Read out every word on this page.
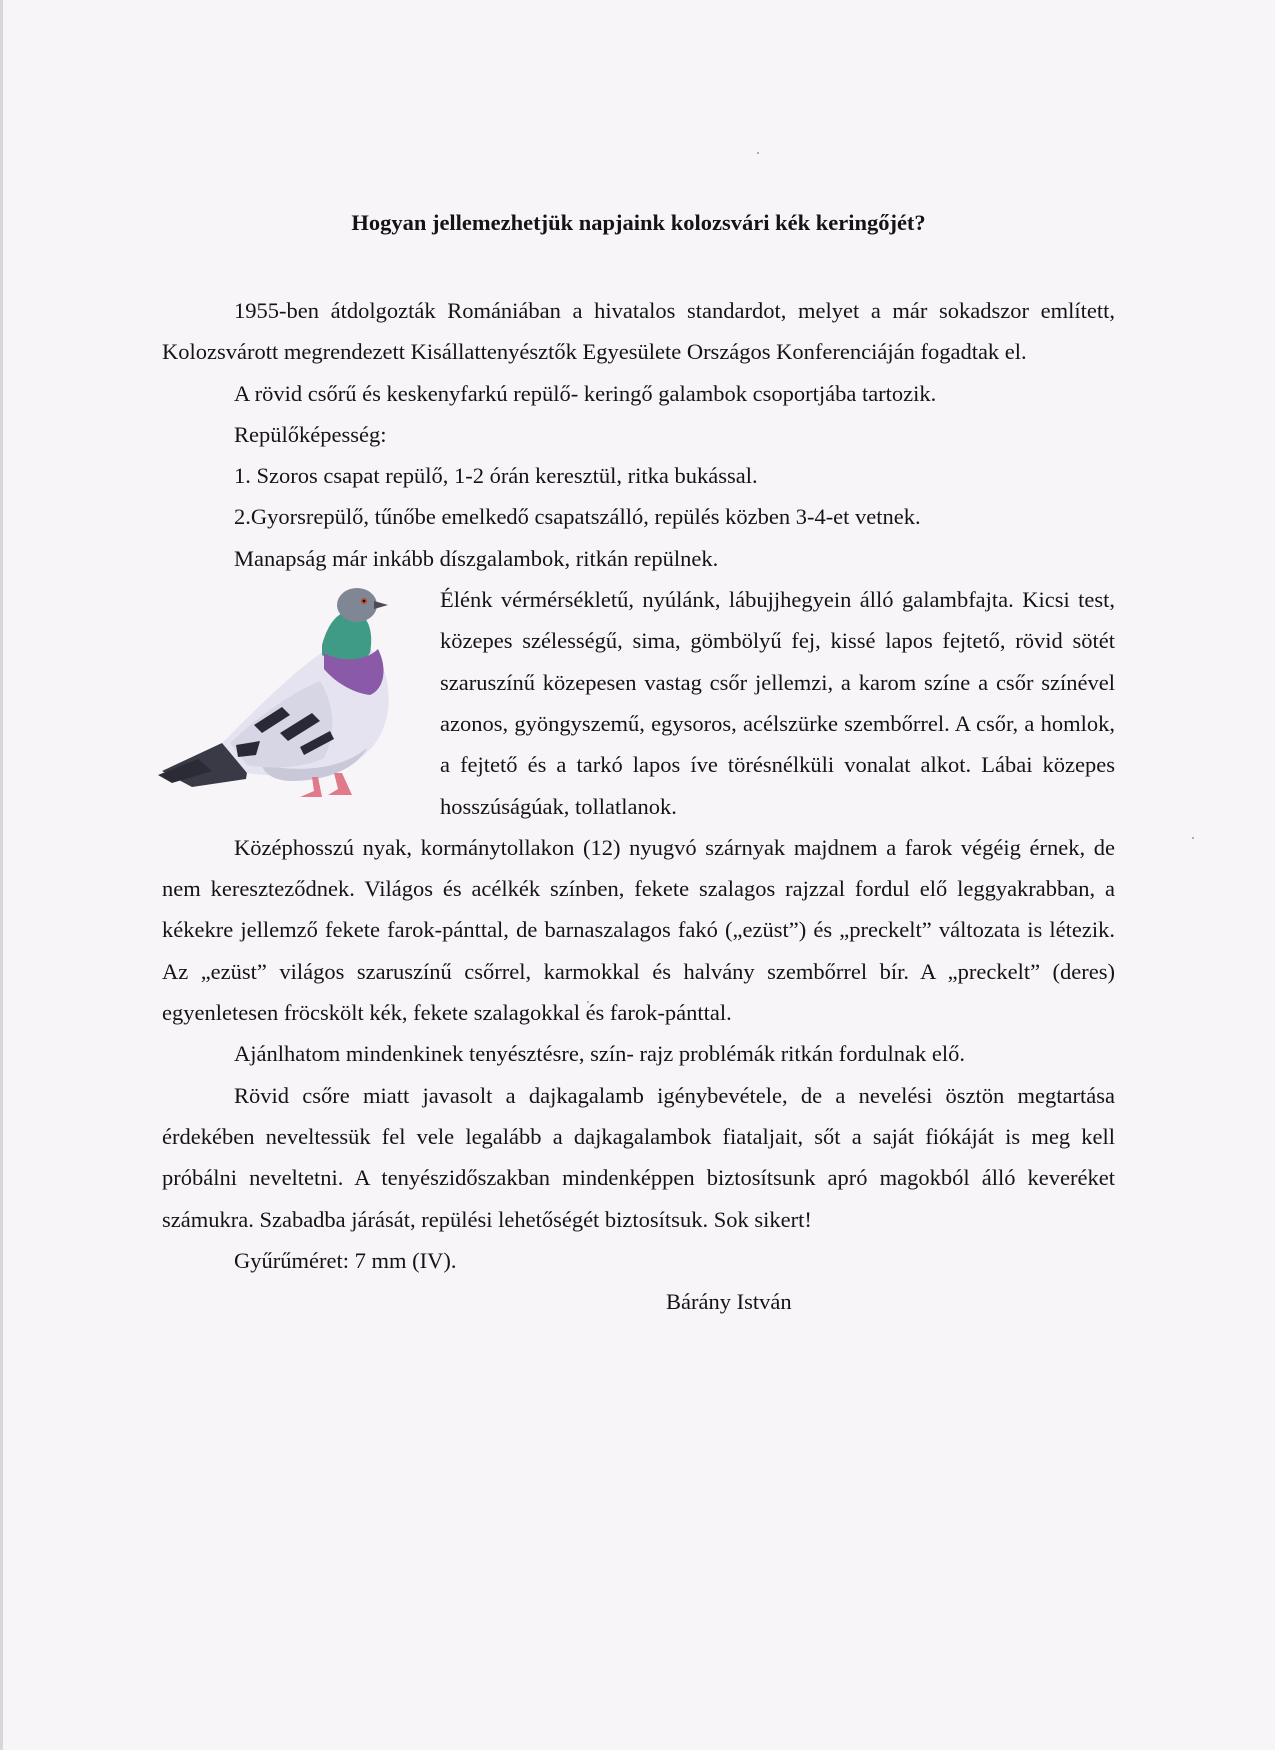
Hogyan jellemezhetjük napjaink kolozsvári kék keringőjét?

1955-ben átdolgozták Romániában a hivatalos standardot, melyet a már sokadszor említett, Kolozsvárott megrendezett Kisállattenyésztők Egyesülete Országos Konferenciáján fogadtak el.

A rövid csőrű és keskenyfarkú repülő- keringő galambok csoportjába tartozik.

Repülőképesség:

1. Szoros csapat repülő, 1-2 órán keresztül, ritka bukással.

2.Gyorsrepülő, tűnőbe emelkedő csapatszálló, repülés közben 3-4-et vetnek.

Manapság már inkább díszgalambok, ritkán repülnek.

Élénk vérmérsékletű, nyúlánk, lábujjhegyein álló galambfajta. Kicsi test, közepes szélességű, sima, gömbölyű fej, kissé lapos fejtető, rövid sötét szaruszínű közepesen vastag csőr jellemzi, a karom színe a csőr színével azonos, gyöngyszemű, egysoros, acélszürke szembőrrel. A csőr, a homlok, a fejtető és a tarkó lapos íve törésnélküli vonalat alkot. Lábai közepes hosszúságúak, tollatlanok.

Középhosszú nyak, kormánytollakon (12) nyugvó szárnyak majdnem a farok végéig érnek, de nem kereszteződnek. Világos és acélkék színben, fekete szalagos rajzzal fordul elő leggyakrabban, a kékekre jellemző fekete farok-pánttal, de barnaszalagos fakó („ezüst”) és „preckelt” változata is létezik. Az „ezüst” világos szaruszínű csőrrel, karmokkal és halvány szembőrrel bír. A „preckelt” (deres) egyenletesen fröcskölt kék, fekete szalagokkal és farok-pánttal.

Ajánlhatom mindenkinek tenyésztésre, szín- rajz problémák ritkán fordulnak elő.

Rövid csőre miatt javasolt a dajkagalamb igénybevétele, de a nevelési ösztön megtartása érdekében neveltessük fel vele legalább a dajkagalambok fiataljait, sőt a saját fiókáját is meg kell próbálni neveltetni. A tenyészidőszakban mindenképpen biztosítsunk apró magokból álló keveréket számukra. Szabadba járását, repülési lehetőségét biztosítsuk. Sok sikert!

Gyűrűméret: 7 mm (IV).

Bárány István
